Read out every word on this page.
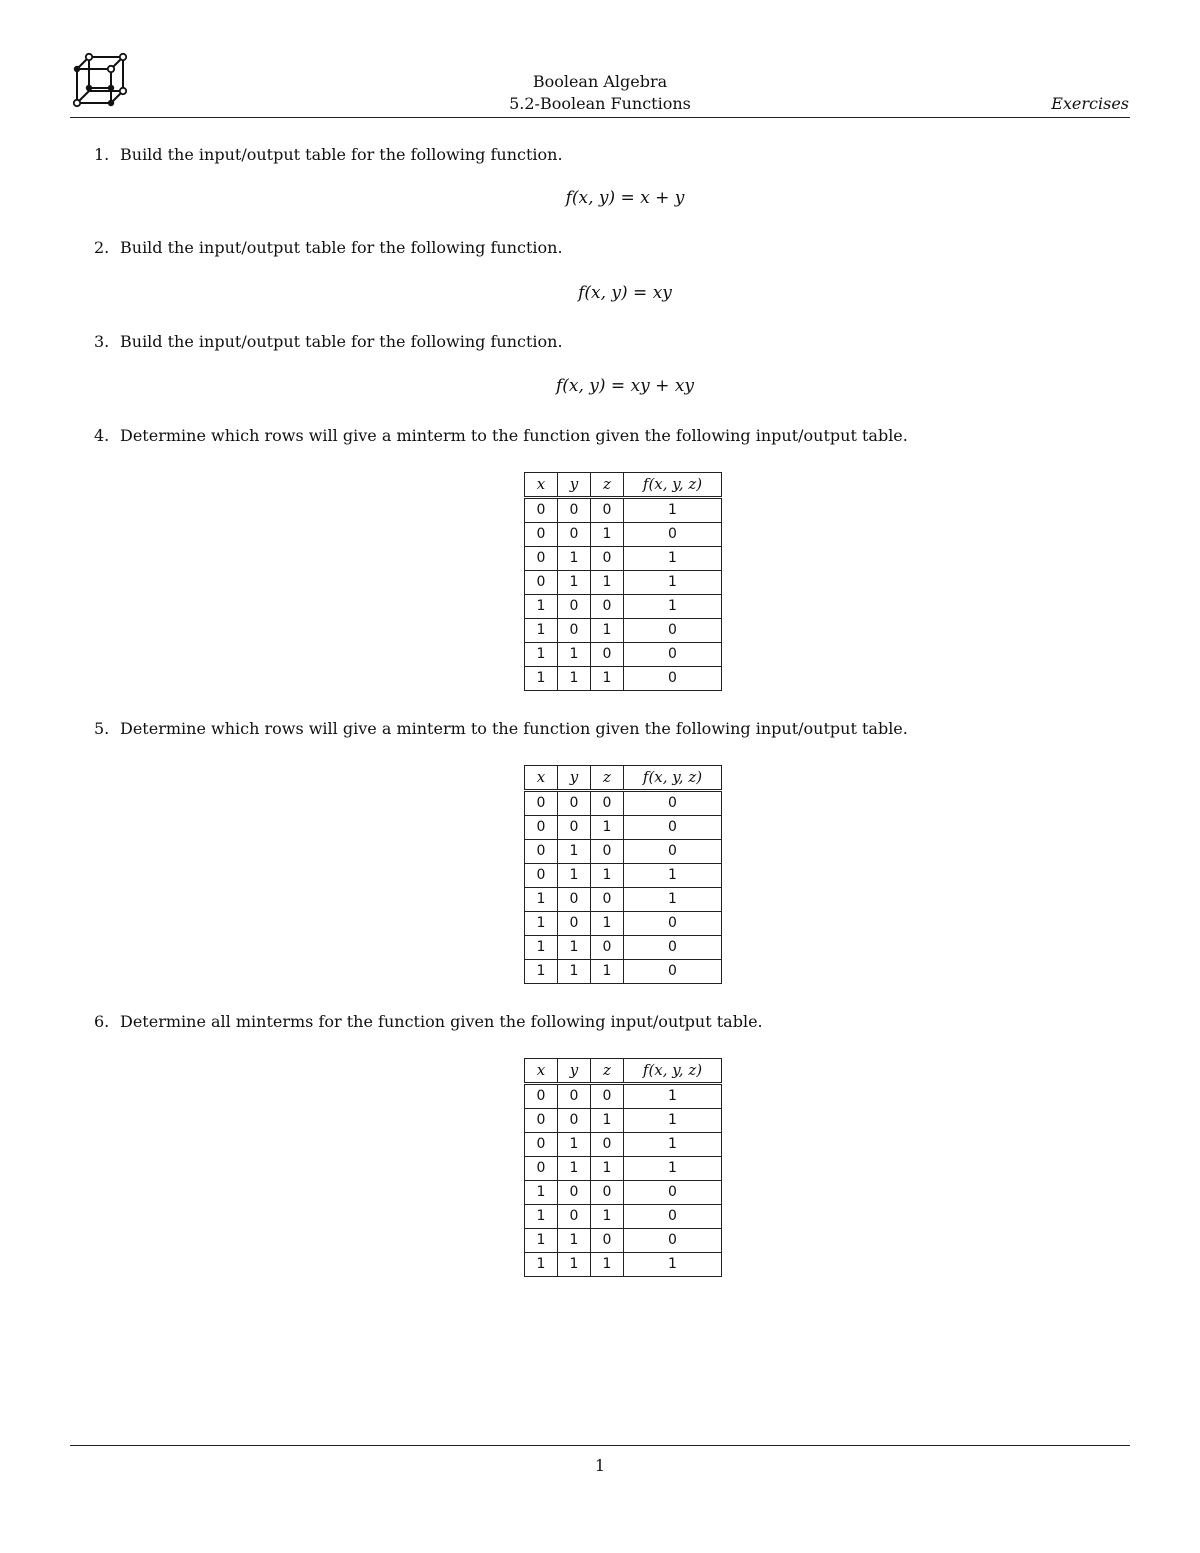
Boolean Algebra
5.2-Boolean Functions	Exercises
1. Build the input/output table for the following function.
f(x, y) = x + y
2. Build the input/output table for the following function.
f(x, y) = xy
3. Build the input/output table for the following function.
f(x, y) = xy + xy
4. Determine which rows will give a minterm to the function given the following input/output table.
x	y	z	f(x, y, z)
0	0	0	1
0	0	1	0
0	1	0	1
0	1	1	1
1	0	0	1
1	0	1	0
1	1	0	0
1	1	1	0
5. Determine which rows will give a minterm to the function given the following input/output table.
x	y	z	f(x, y, z)
0	0	0	0
0	0	1	0
0	1	0	0
0	1	1	1
1	0	0	1
1	0	1	0
1	1	0	0
1	1	1	0
6. Determine all minterms for the function given the following input/output table.
x	y	z	f(x, y, z)
0	0	0	1
0	0	1	1
0	1	0	1
0	1	1	1
1	0	0	0
1	0	1	0
1	1	0	0
1	1	1	1
1
